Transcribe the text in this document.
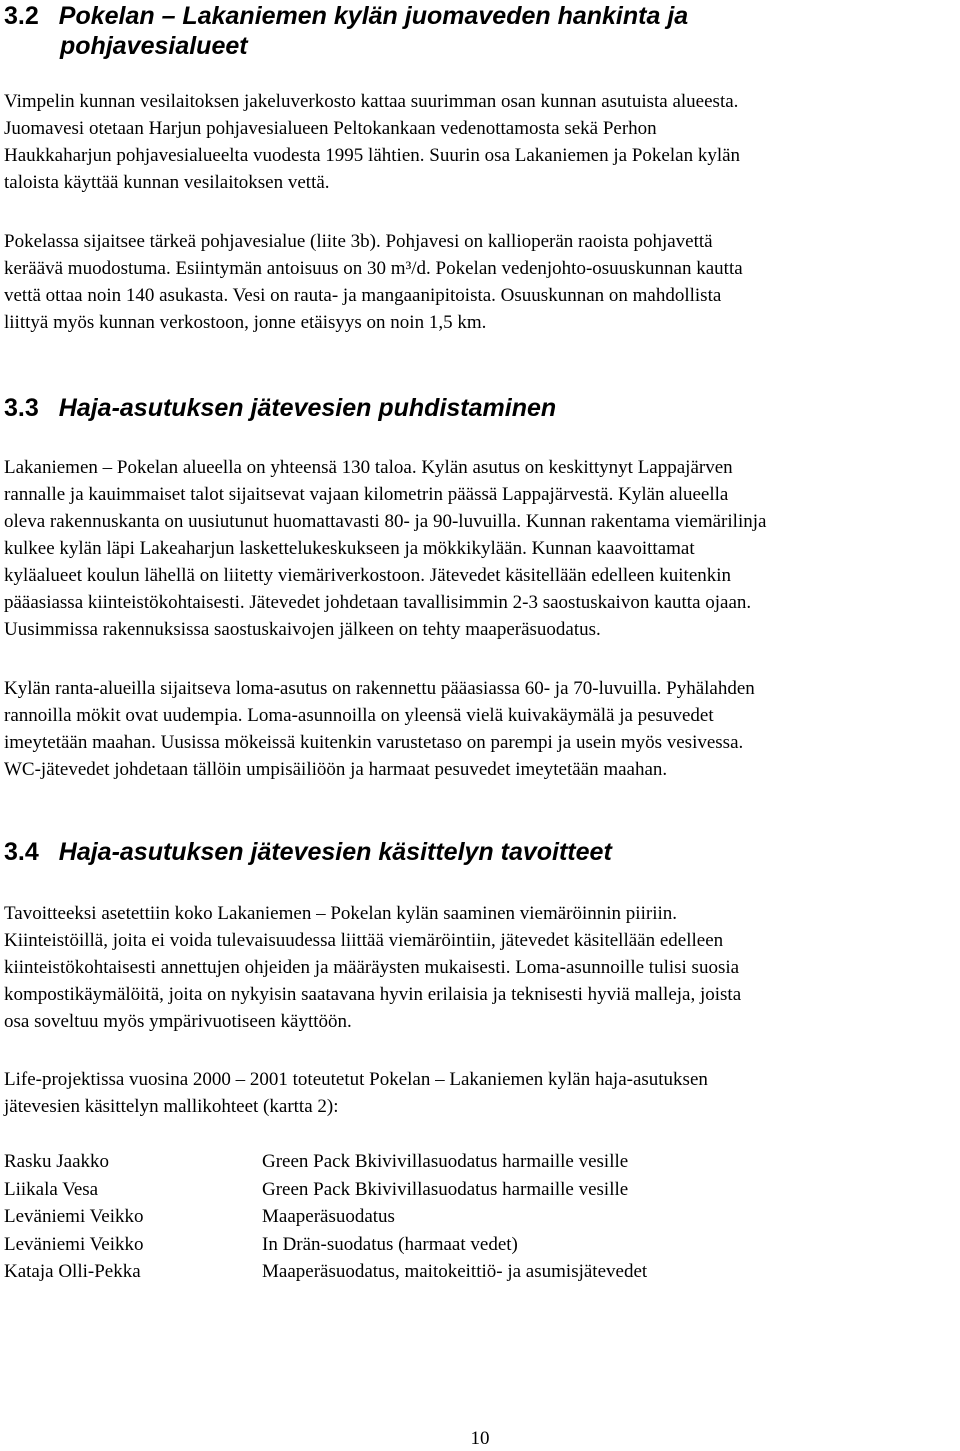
3.2 Pokelan – Lakaniemen kylän juomaveden hankinta ja
pohjavesialueet
Vimpelin kunnan vesilaitoksen jakeluverkosto kattaa suurimman osan kunnan asutuista alueesta.
Juomavesi otetaan Harjun pohjavesialueen Peltokankaan vedenottamosta sekä Perhon
Haukkaharjun pohjavesialueelta vuodesta 1995 lähtien. Suurin osa Lakaniemen ja Pokelan kylän
taloista käyttää kunnan vesilaitoksen vettä.
Pokelassa sijaitsee tärkeä pohjavesialue (liite 3b). Pohjavesi on kallioperän raoista pohjavettä
keräävä muodostuma. Esiintymän antoisuus on 30 m³/d. Pokelan vedenjohto-osuuskunnan kautta
vettä ottaa noin 140 asukasta. Vesi on rauta- ja mangaanipitoista. Osuuskunnan on mahdollista
liittyä myös kunnan verkostoon, jonne etäisyys on noin 1,5 km.
3.3 Haja-asutuksen jätevesien puhdistaminen
Lakaniemen – Pokelan alueella on yhteensä 130 taloa. Kylän asutus on keskittynyt Lappajärven
rannalle ja kauimmaiset talot sijaitsevat vajaan kilometrin päässä Lappajärvestä. Kylän alueella
oleva rakennuskanta on uusiutunut huomattavasti 80- ja 90-luvuilla. Kunnan rakentama viemärilinja
kulkee kylän läpi Lakeaharjun laskettelukeskukseen ja mökkikylään. Kunnan kaavoittamat
kyläalueet koulun lähellä on liitetty viemäriverkostoon. Jätevedet käsitellään edelleen kuitenkin
pääasiassa kiinteistökohtaisesti. Jätevedet johdetaan tavallisimmin 2-3 saostuskaivon kautta ojaan.
Uusimmissa rakennuksissa saostuskaivojen jälkeen on tehty maaperäsuodatus.
Kylän ranta-alueilla sijaitseva loma-asutus on rakennettu pääasiassa 60- ja 70-luvuilla. Pyhälahden
rannoilla mökit ovat uudempia. Loma-asunnoilla on yleensä vielä kuivakäymälä ja pesuvedet
imeytetään maahan. Uusissa mökeissä kuitenkin varustetaso on parempi ja usein myös vesivessa.
WC-jätevedet johdetaan tällöin umpisäiliöön ja harmaat pesuvedet imeytetään maahan.
3.4 Haja-asutuksen jätevesien käsittelyn tavoitteet
Tavoitteeksi asetettiin koko Lakaniemen – Pokelan kylän saaminen viemäröinnin piiriin.
Kiinteistöillä, joita ei voida tulevaisuudessa liittää viemäröintiin, jätevedet käsitellään edelleen
kiinteistökohtaisesti annettujen ohjeiden ja määräysten mukaisesti. Loma-asunnoille tulisi suosia
kompostikäymälöitä, joita on nykyisin saatavana hyvin erilaisia ja teknisesti hyviä malleja, joista
osa soveltuu myös ympärivuotiseen käyttöön.
Life-projektissa vuosina 2000 – 2001 toteutetut Pokelan – Lakaniemen kylän haja-asutuksen
jätevesien käsittelyn mallikohteet (kartta 2):
Rasku Jaakko	Green Pack Bkivivillasuodatus harmaille vesille
Liikala Vesa	Green Pack Bkivivillasuodatus harmaille vesille
Leväniemi Veikko	Maaperäsuodatus
Leväniemi Veikko	In Drän-suodatus (harmaat vedet)
Kataja Olli-Pekka	Maaperäsuodatus, maitokeittiö- ja asumisjätevedet
10
